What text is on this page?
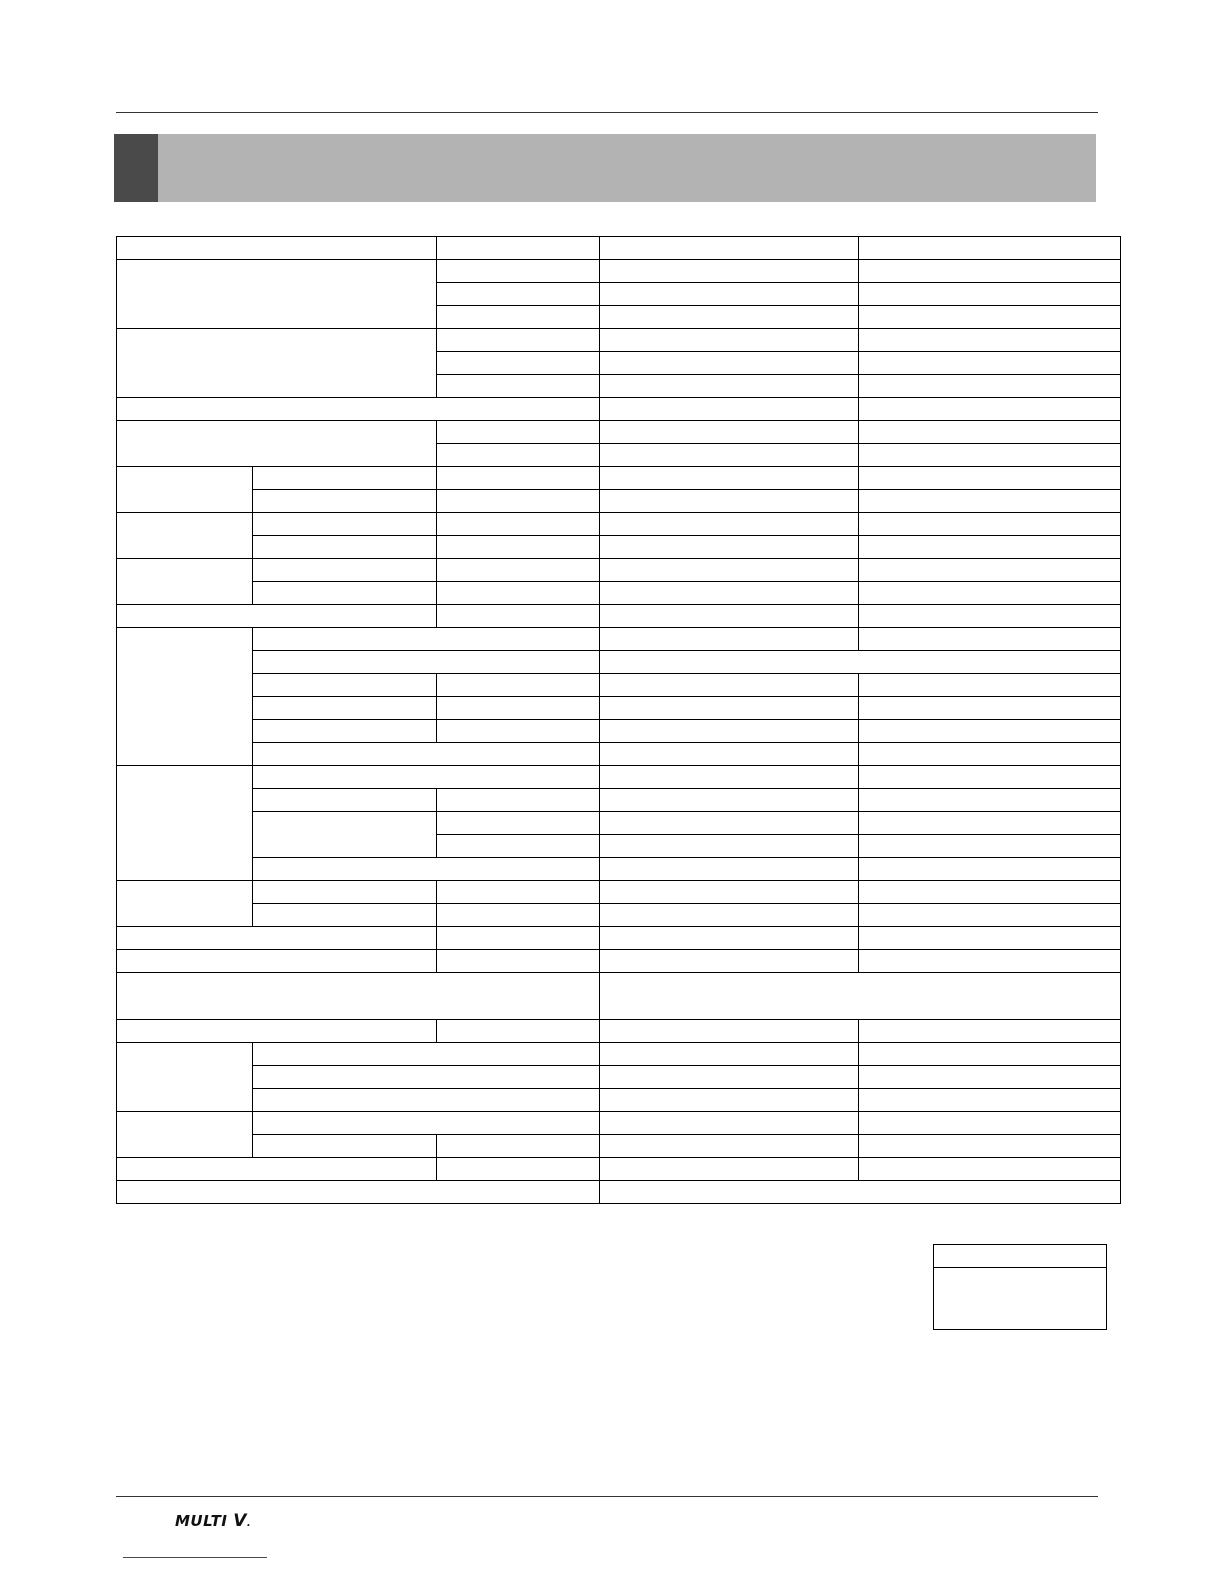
MULTI V.
